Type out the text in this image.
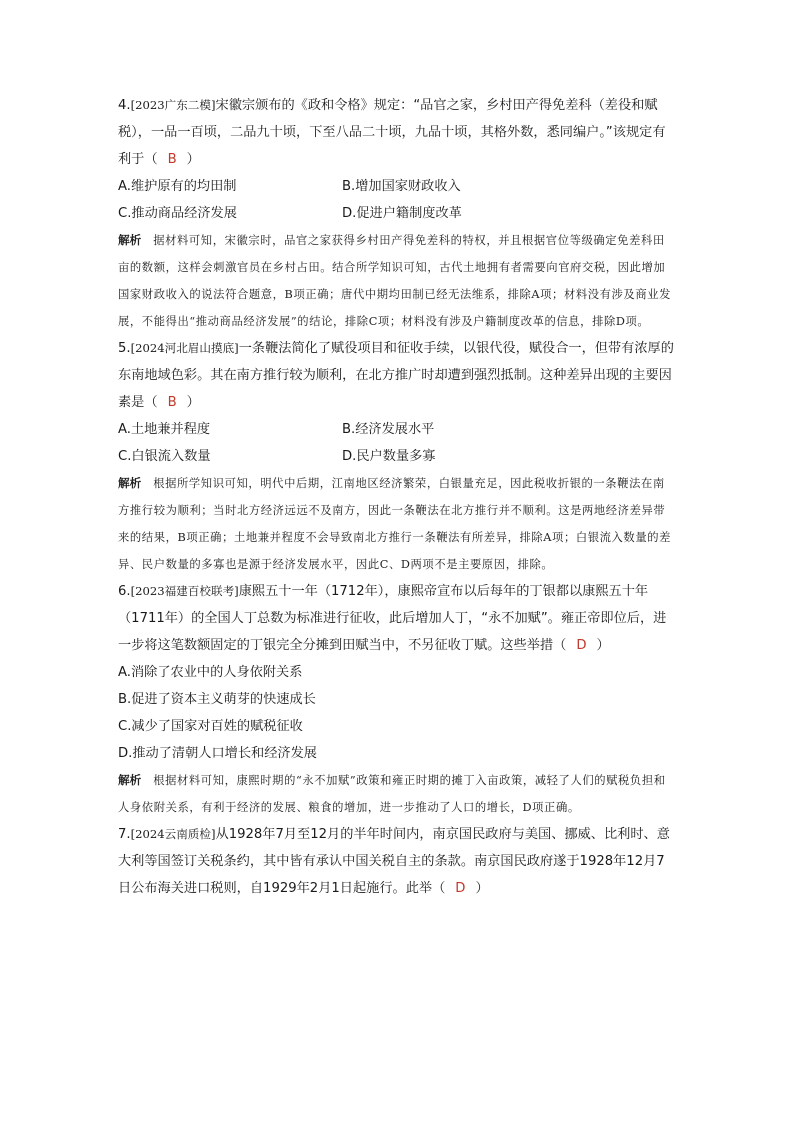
4.[2023广东二模]宋徽宗颁布的《政和令格》规定：“品官之家，乡村田产得免差科（差役和赋税），一品一百顷，二品九十顷，下至八品二十顷，九品十顷，其格外数，悉同编户。”该规定有利于（ B ）

A.维护原有的均田制	B.增加国家财政收入
C.推动商品经济发展	D.促进户籍制度改革

解析 据材料可知，宋徽宗时，品官之家获得乡村田产得免差科的特权，并且根据官位等级确定免差科田亩的数额，这样会刺激官员在乡村占田。结合所学知识可知，古代土地拥有者需要向官府交税，因此增加国家财政收入的说法符合题意，B项正确；唐代中期均田制已经无法维系，排除A项；材料没有涉及商业发展，不能得出“推动商品经济发展”的结论，排除C项；材料没有涉及户籍制度改革的信息，排除D项。

5.[2024河北眉山摸底]一条鞭法简化了赋役项目和征收手续，以银代役，赋役合一，但带有浓厚的东南地域色彩。其在南方推行较为顺利，在北方推广时却遭到强烈抵制。这种差异出现的主要因素是（ B ）

A.土地兼并程度	B.经济发展水平
C.白银流入数量	D.民户数量多寡

解析 根据所学知识可知，明代中后期，江南地区经济繁荣，白银量充足，因此税收折银的一条鞭法在南方推行较为顺利；当时北方经济远远不及南方，因此一条鞭法在北方推行并不顺利。这是两地经济差异带来的结果，B项正确；土地兼并程度不会导致南北方推行一条鞭法有所差异，排除A项；白银流入数量的差异、民户数量的多寡也是源于经济发展水平，因此C、D两项不是主要原因，排除。

6.[2023福建百校联考]康熙五十一年（1712年），康熙帝宣布以后每年的丁银都以康熙五十年（1711年）的全国人丁总数为标准进行征收，此后增加人丁，“永不加赋”。雍正帝即位后，进一步将这笔数额固定的丁银完全分摊到田赋当中，不另征收丁赋。这些举措（ D ）

A.消除了农业中的人身依附关系
B.促进了资本主义萌芽的快速成长
C.减少了国家对百姓的赋税征收
D.推动了清朝人口增长和经济发展

解析 根据材料可知，康熙时期的“永不加赋”政策和雍正时期的摊丁入亩政策，减轻了人们的赋税负担和人身依附关系，有利于经济的发展、粮食的增加，进一步推动了人口的增长，D项正确。

7.[2024云南质检]从1928年7月至12月的半年时间内，南京国民政府与美国、挪威、比利时、意大利等国签订关税条约，其中皆有承认中国关税自主的条款。南京国民政府遂于1928年12月7日公布海关进口税则，自1929年2月1日起施行。此举（ D ）
